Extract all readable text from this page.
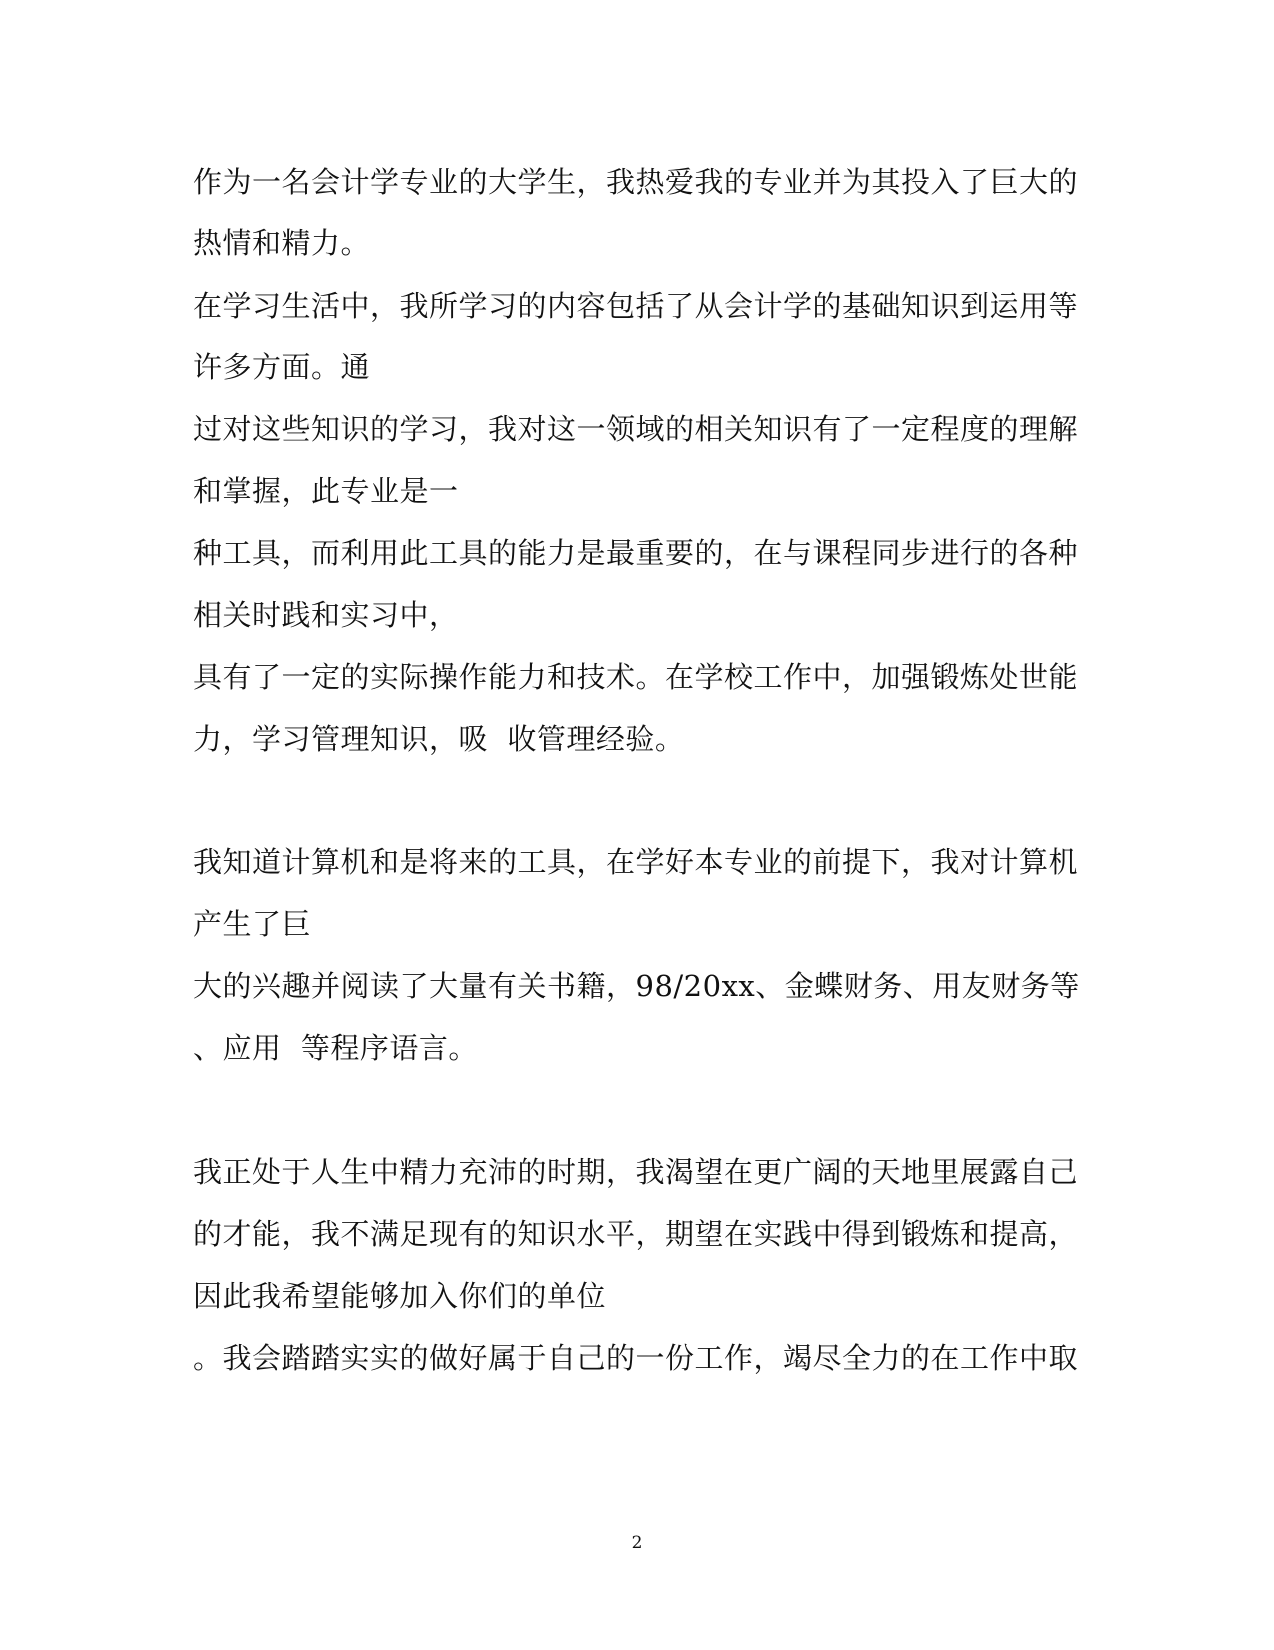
作为一名会计学专业的大学生，我热爱我的专业并为其投入了巨大的
热情和精力。
在学习生活中，我所学习的内容包括了从会计学的基础知识到运用等
许多方面。通
过对这些知识的学习，我对这一领域的相关知识有了一定程度的理解
和掌握，此专业是一
种工具，而利用此工具的能力是最重要的，在与课程同步进行的各种
相关时践和实习中，
具有了一定的实际操作能力和技术。在学校工作中，加强锻炼处世能
力，学习管理知识，吸  收管理经验。
我知道计算机和是将来的工具，在学好本专业的前提下，我对计算机
产生了巨
大的兴趣并阅读了大量有关书籍，98/20xx、金蝶财务、用友财务等
、应用  等程序语言。
我正处于人生中精力充沛的时期，我渴望在更广阔的天地里展露自己
的才能，我不满足现有的知识水平，期望在实践中得到锻炼和提高，
因此我希望能够加入你们的单位
。我会踏踏实实的做好属于自己的一份工作，竭尽全力的在工作中取
2
